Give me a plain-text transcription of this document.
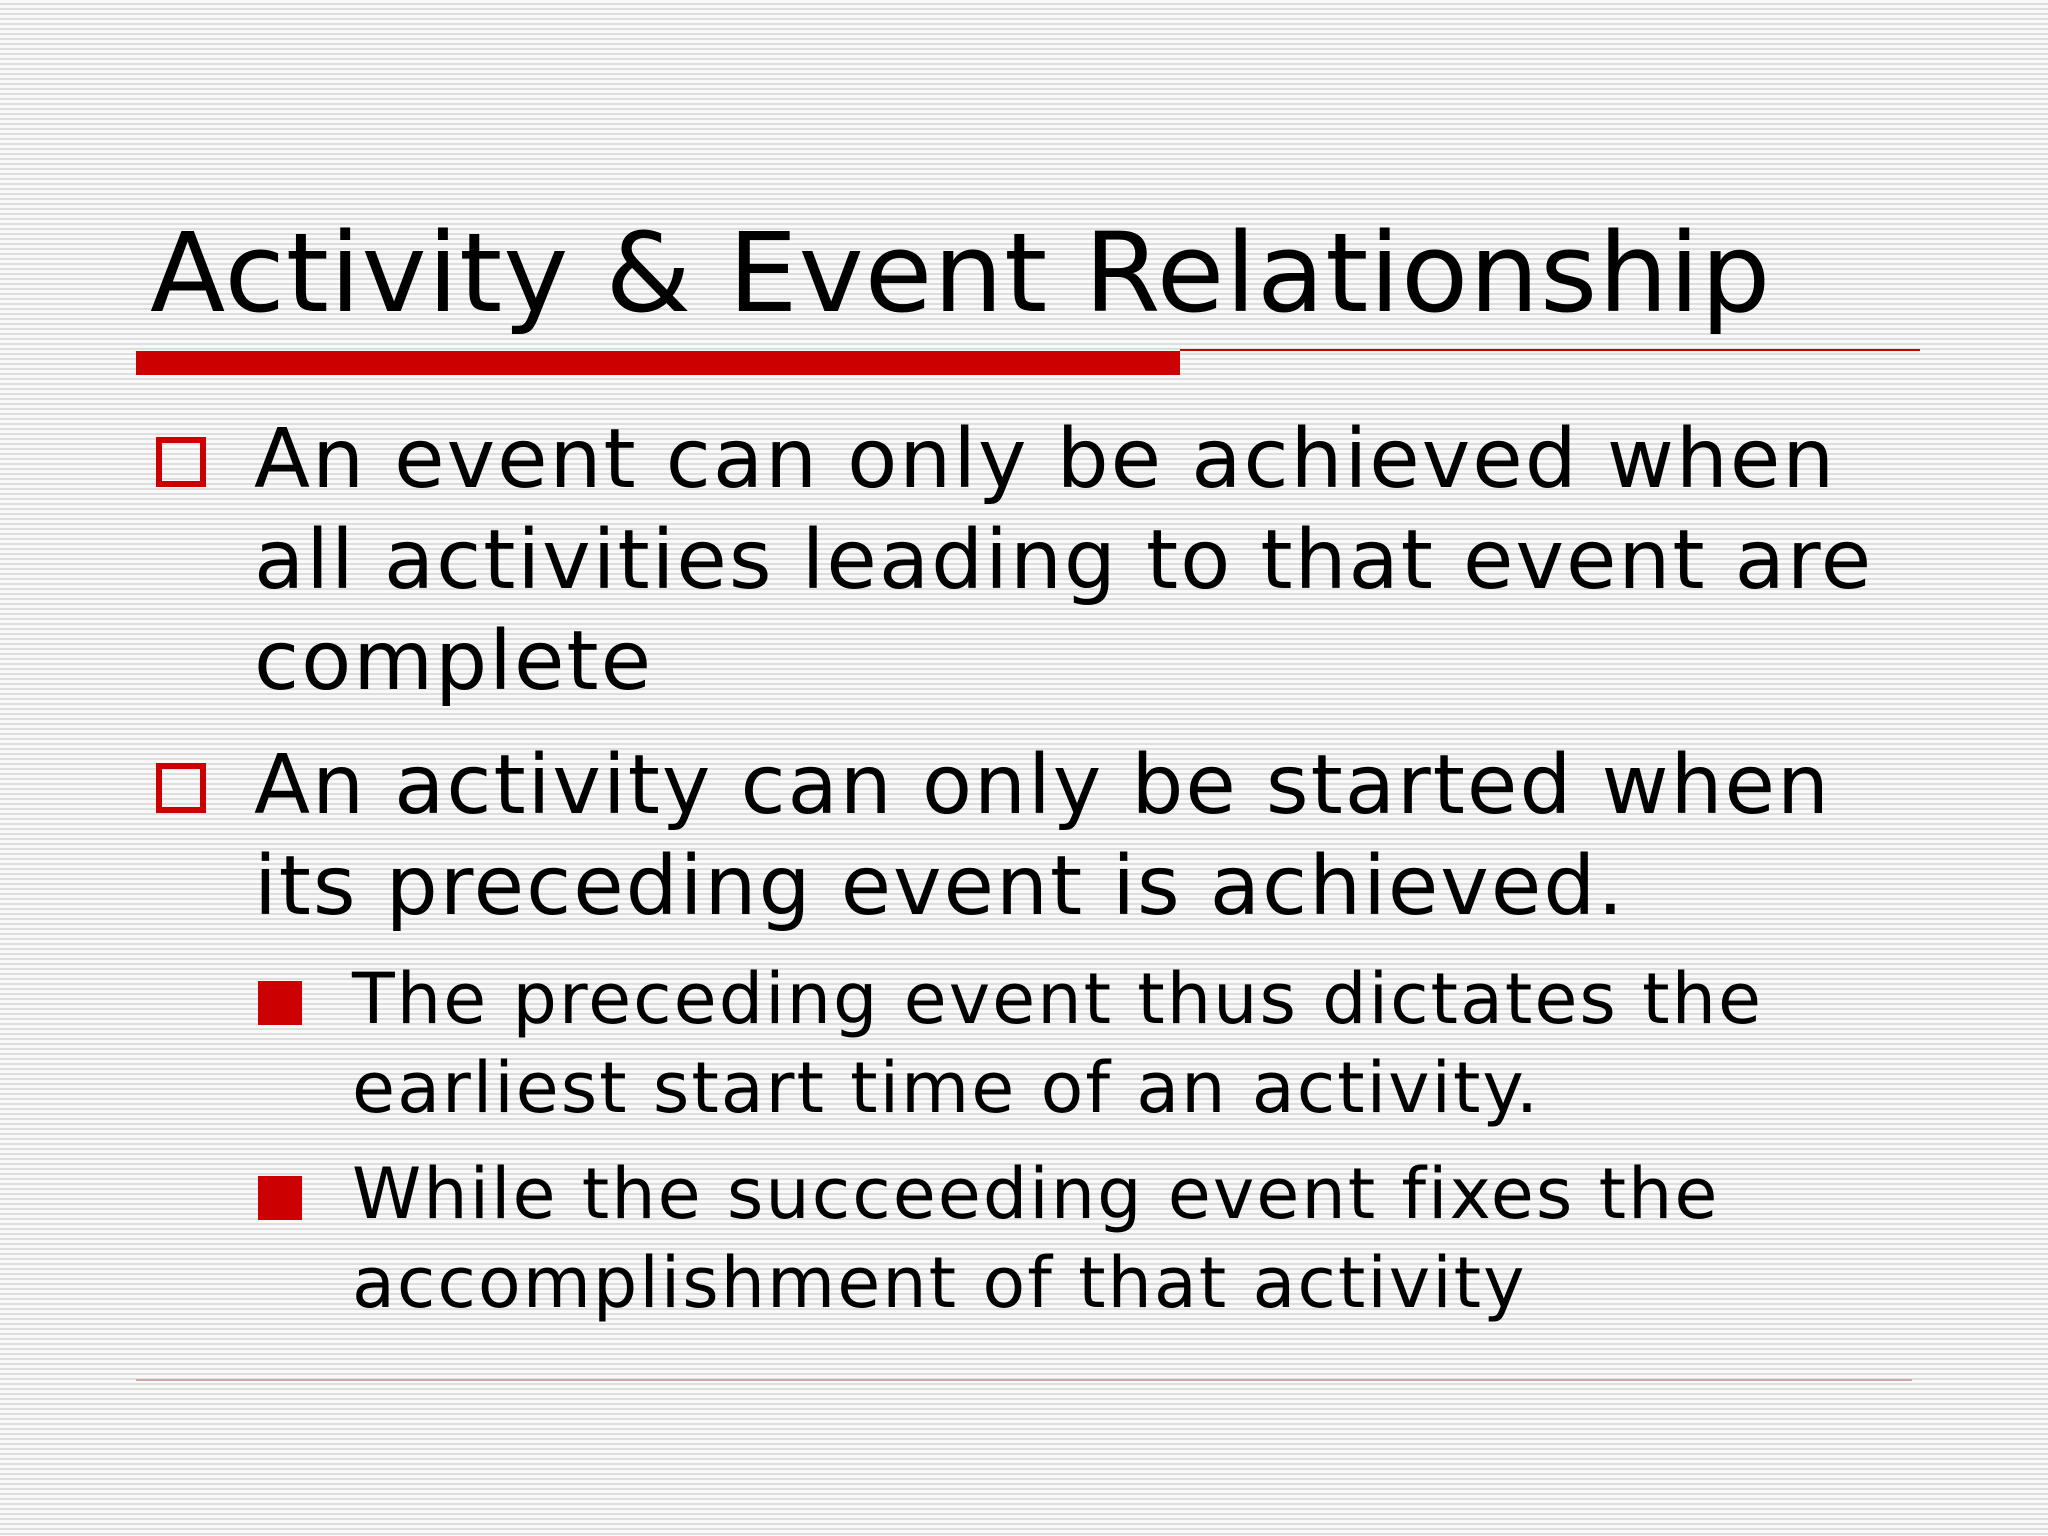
Activity & Event Relationship
An event can only be achieved when
all activities leading to that event are
complete
An activity can only be started when
its preceding event is achieved.
The preceding event thus dictates the
earliest start time of an activity.
While the succeeding event fixes the
accomplishment of that activity
